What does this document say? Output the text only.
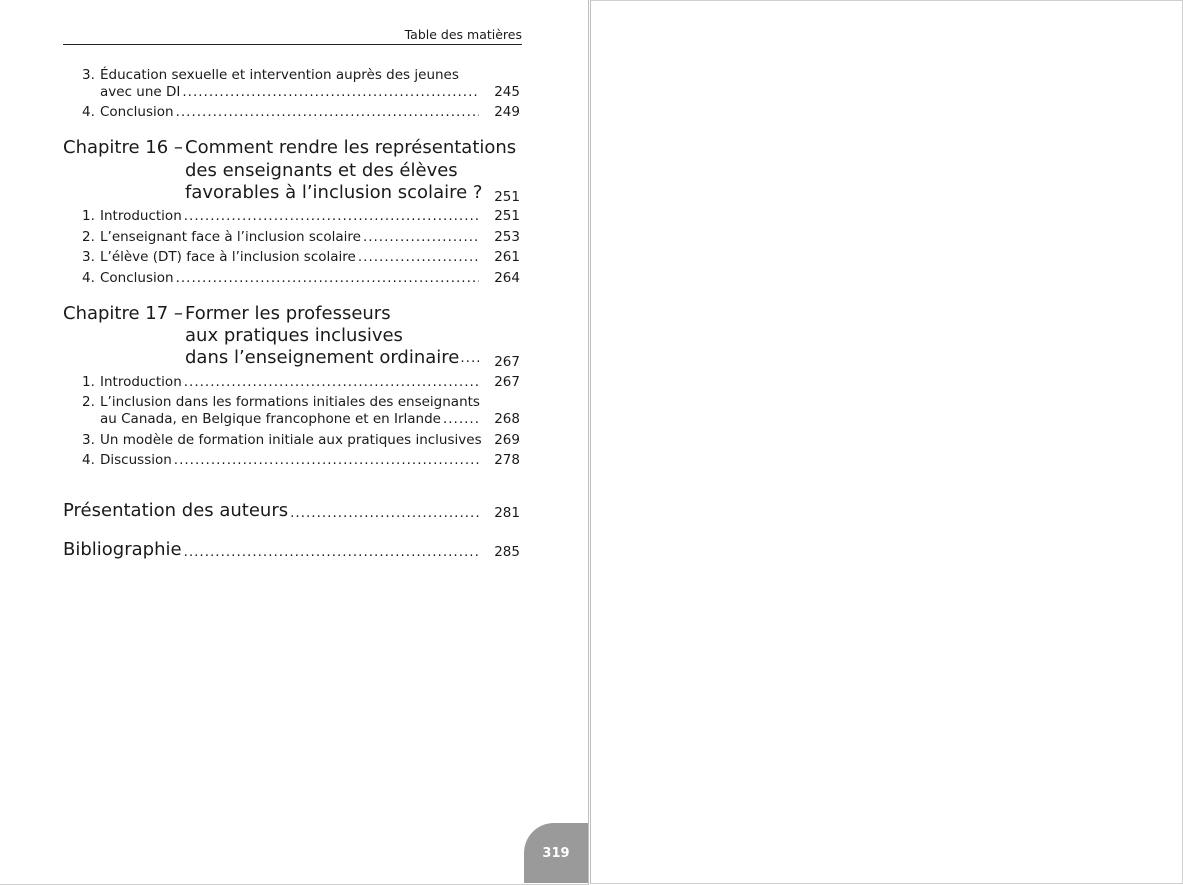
Table des matières
3. Éducation sexuelle et intervention auprès des jeunes
avec une DI .....	245
4. Conclusion .....	249
Chapitre 16 – Comment rendre les représentations
des enseignants et des élèves
favorables à l’inclusion scolaire ? 251
1. Introduction .....	251
2. L’enseignant face à l’inclusion scolaire .....	253
3. L’élève (DT) face à l’inclusion scolaire .....	261
4. Conclusion .....	264
Chapitre 17 – Former les professeurs
aux pratiques inclusives
dans l’enseignement ordinaire .....	267
1. Introduction .....	267
2. L’inclusion dans les formations initiales des enseignants
au Canada, en Belgique francophone et en Irlande .....	268
3. Un modèle de formation initiale aux pratiques inclusives 269
4. Discussion .....	278
Présentation des auteurs .....	281
Bibliographie .....	285
319
